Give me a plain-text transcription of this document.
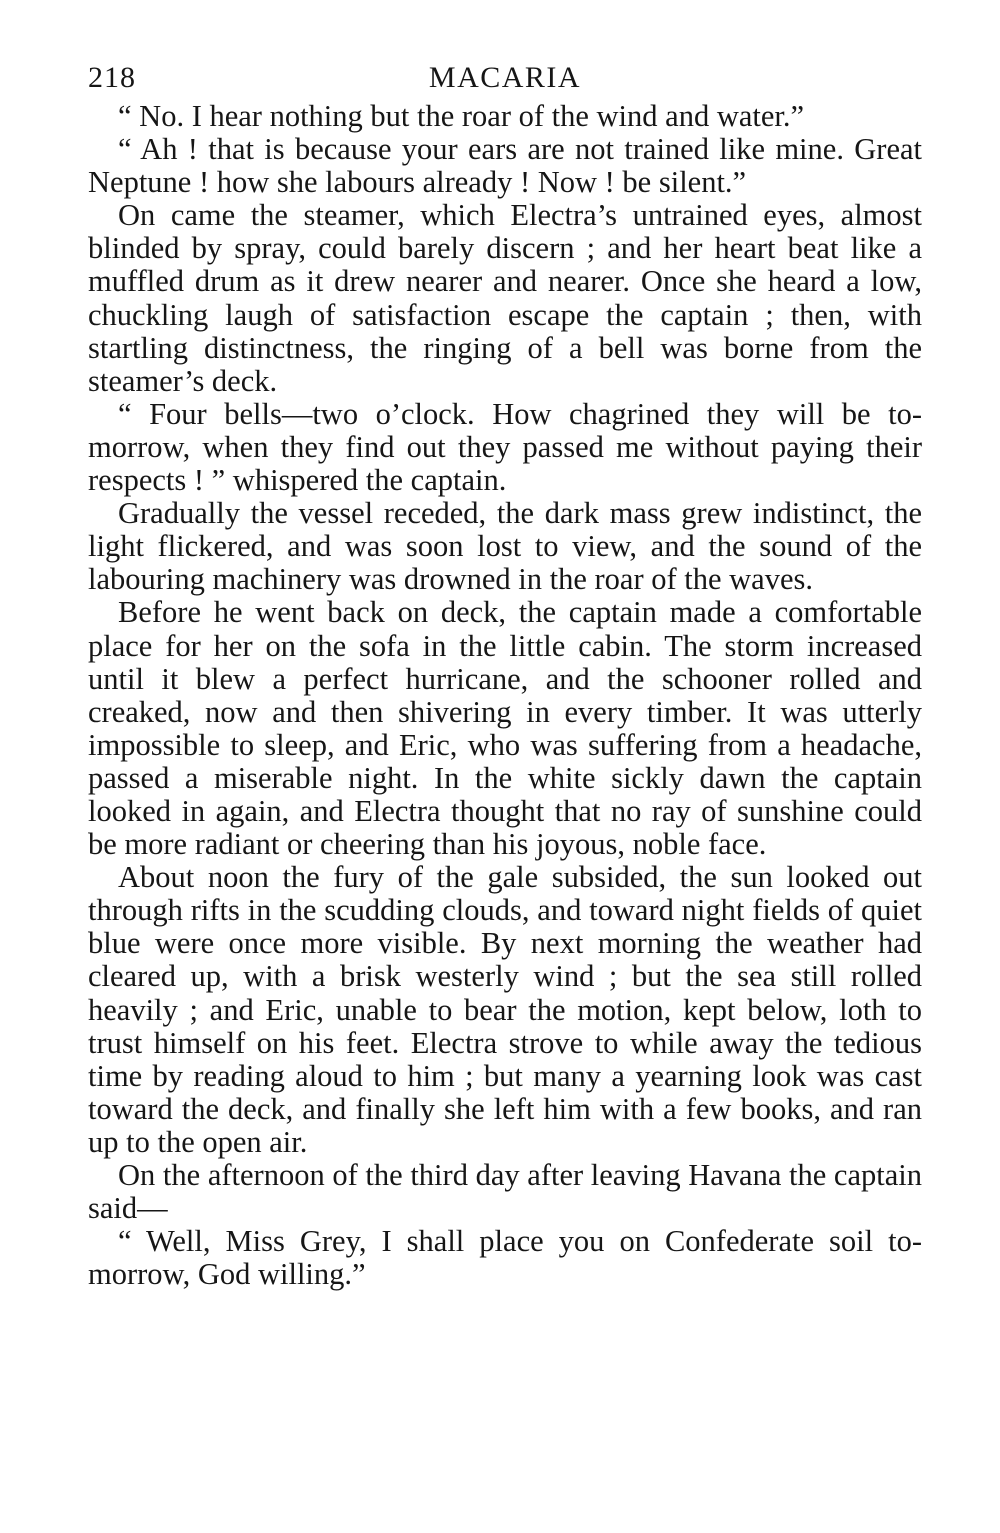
218	MACARIA

“ No. I hear nothing but the roar of the wind and water.”

“ Ah ! that is because your ears are not trained like mine. Great Neptune ! how she labours already ! Now ! be silent.”

On came the steamer, which Electra’s untrained eyes, almost blinded by spray, could barely discern ; and her heart beat like a muffled drum as it drew nearer and nearer. Once she heard a low, chuckling laugh of satisfaction escape the captain ; then, with startling distinctness, the ringing of a bell was borne from the steamer’s deck.

“ Four bells—two o’clock. How chagrined they will be to-morrow, when they find out they passed me without paying their respects ! ” whispered the captain.

Gradually the vessel receded, the dark mass grew indistinct, the light flickered, and was soon lost to view, and the sound of the labouring machinery was drowned in the roar of the waves.

Before he went back on deck, the captain made a comfortable place for her on the sofa in the little cabin. The storm increased until it blew a perfect hurricane, and the schooner rolled and creaked, now and then shivering in every timber. It was utterly impossible to sleep, and Eric, who was suffering from a headache, passed a miserable night. In the white sickly dawn the captain looked in again, and Electra thought that no ray of sunshine could be more radiant or cheering than his joyous, noble face.

About noon the fury of the gale subsided, the sun looked out through rifts in the scudding clouds, and toward night fields of quiet blue were once more visible. By next morning the weather had cleared up, with a brisk westerly wind ; but the sea still rolled heavily ; and Eric, unable to bear the motion, kept below, loth to trust himself on his feet. Electra strove to while away the tedious time by reading aloud to him ; but many a yearning look was cast toward the deck, and finally she left him with a few books, and ran up to the open air.

On the afternoon of the third day after leaving Havana the captain said—

“ Well, Miss Grey, I shall place you on Confederate soil to-morrow, God willing.”
